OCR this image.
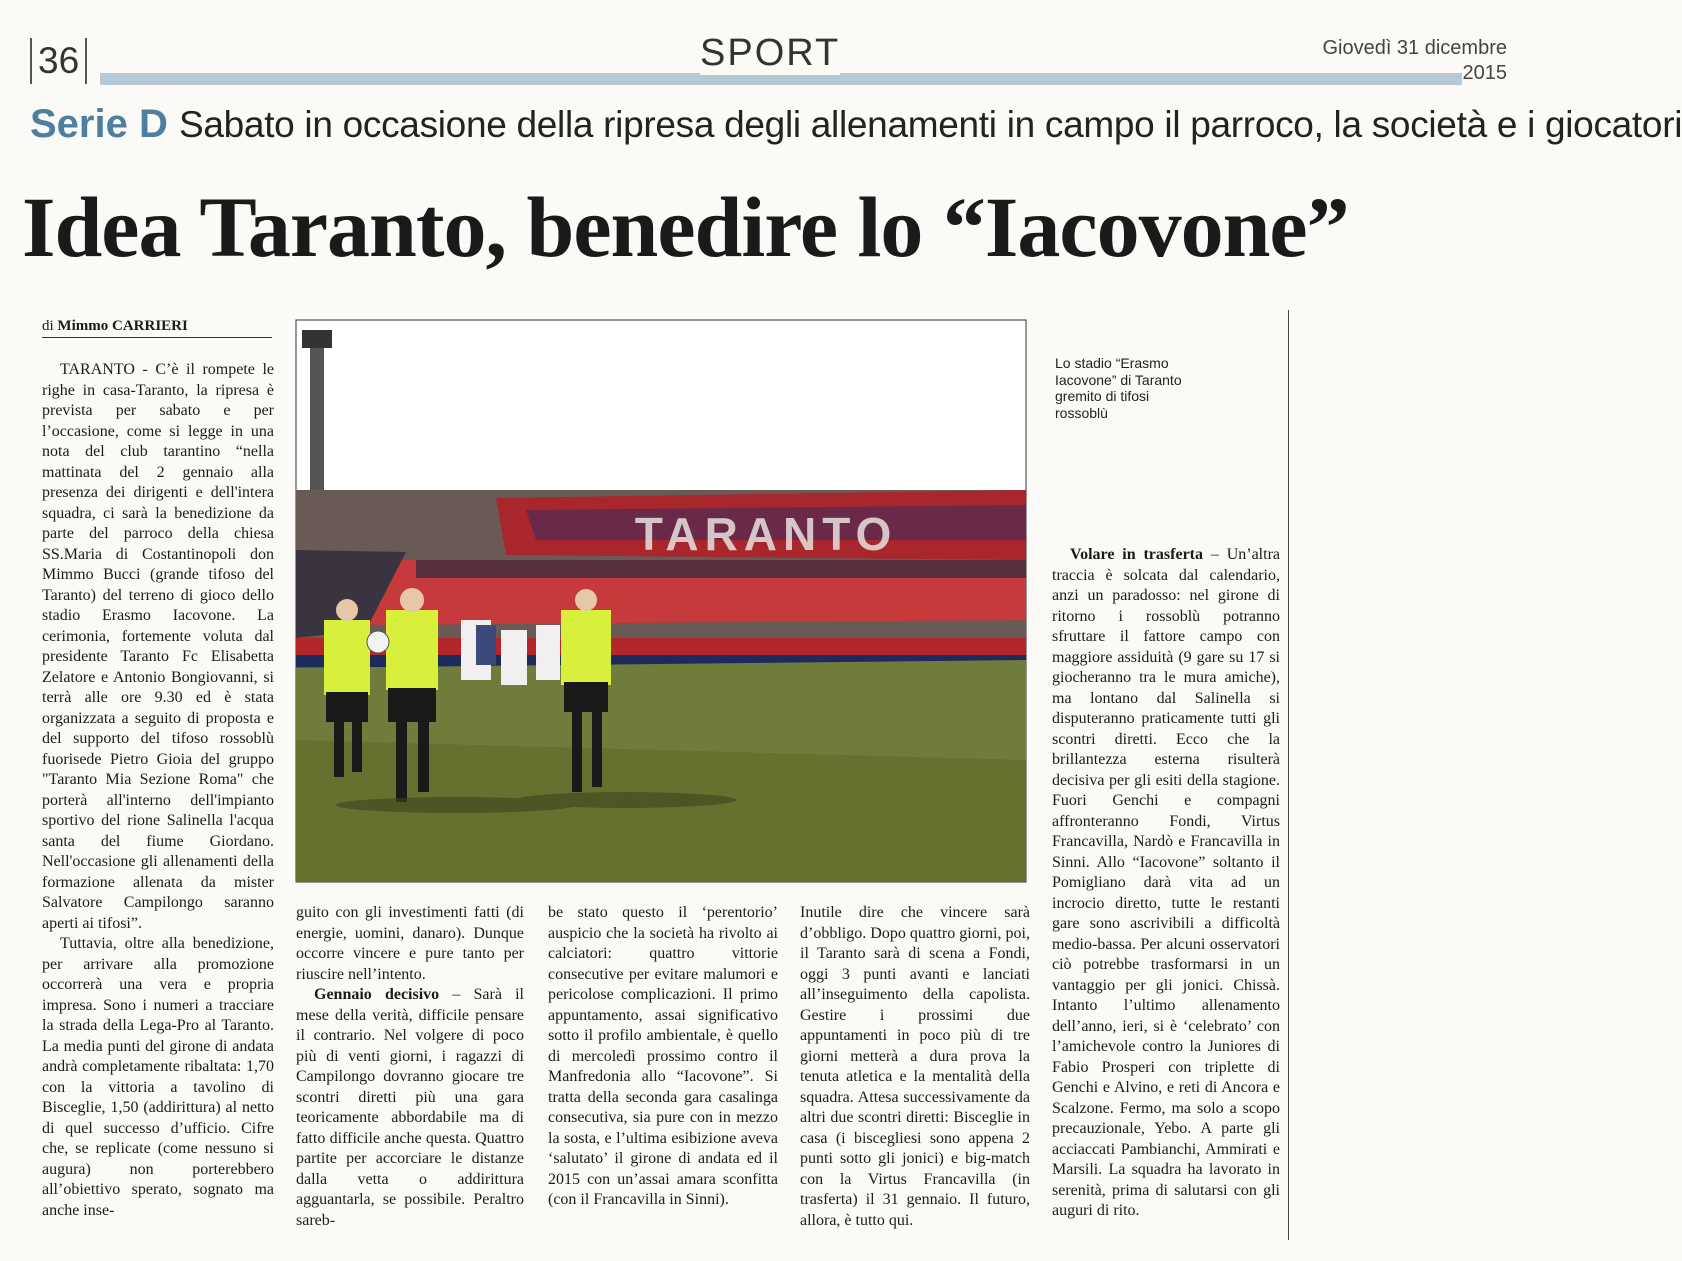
36	SPORT	Giovedì 31 dicembre
2015
Serie D Sabato in occasione della ripresa degli allenamenti in campo il parroco, la società e i giocatori
Idea Taranto, benedire lo “Iacovone”
di Mimmo CARRIERI

TARANTO - C’è il rompete le righe in casa-Taranto, la ripresa è prevista per sabato e per l’occasione, come si legge in una nota del club tarantino “nella mattinata del 2 gennaio alla presenza dei dirigenti e dell'intera squadra, ci sarà la benedizione da parte del parroco della chiesa SS.Maria di Costantinopoli don Mimmo Bucci (grande tifoso del Taranto) del terreno di gioco dello stadio Erasmo Iacovone. La cerimonia, fortemente voluta dal presidente Taranto Fc Elisabetta Zelatore e Antonio Bongiovanni, si terrà alle ore 9.30 ed è stata organizzata a seguito di proposta e del supporto del tifoso rossoblù fuorisede Pietro Gioia del gruppo "Taranto Mia Sezione Roma" che porterà all'interno dell'impianto sportivo del rione Salinella l'acqua santa del fiume Giordano. Nell'occasione gli allenamenti della formazione allenata da mister Salvatore Campilongo saranno aperti ai tifosi”.

Tuttavia, oltre alla benedizione, per arrivare alla promozione occorrerà una vera e propria impresa. Sono i numeri a tracciare la strada della Lega-Pro al Taranto. La media punti del girone di andata andrà completamente ribaltata: 1,70 con la vittoria a tavolino di Bisceglie, 1,50 (addirittura) al netto di quel successo d’ufficio. Cifre che, se replicate (come nessuno si augura) non porterebbero all’obiettivo sperato, sognato ma anche inse-

TARANTO
Lo stadio “Erasmo Iacovone” di Taranto gremito di tifosi rossoblù

guito con gli investimenti fatti (di energie, uomini, danaro). Dunque occorre vincere e pure tanto per riuscire nell’intento.

Gennaio decisivo – Sarà il mese della verità, difficile pensare il contrario. Nel volgere di poco più di venti giorni, i ragazzi di Campilongo dovranno giocare tre scontri diretti più una gara teoricamente abbordabile ma di fatto difficile anche questa. Quattro partite per accorciare le distanze dalla vetta o addirittura agguantarla, se possibile. Peraltro sareb-

be stato questo il ‘perentorio’ auspicio che la società ha rivolto ai calciatori: quattro vittorie consecutive per evitare malumori e pericolose complicazioni. Il primo appuntamento, assai significativo sotto il profilo ambientale, è quello di mercoledì prossimo contro il Manfredonia allo “Iacovone”. Si tratta della seconda gara casalinga consecutiva, sia pure con in mezzo la sosta, e l’ultima esibizione aveva ‘salutato’ il girone di andata ed il 2015 con un’assai amara sconfitta (con il Francavilla in Sinni).

Inutile dire che vincere sarà d’obbligo. Dopo quattro giorni, poi, il Taranto sarà di scena a Fondi, oggi 3 punti avanti e lanciati all’inseguimento della capolista. Gestire i prossimi due appuntamenti in poco più di tre giorni metterà a dura prova la tenuta atletica e la mentalità della squadra. Attesa successivamente da altri due scontri diretti: Bisceglie in casa (i biscegliesi sono appena 2 punti sotto gli jonici) e big-match con la Virtus Francavilla (in trasferta) il 31 gennaio. Il futuro, allora, è tutto qui.

Volare in trasferta – Un’altra traccia è solcata dal calendario, anzi un paradosso: nel girone di ritorno i rossoblù potranno sfruttare il fattore campo con maggiore assiduità (9 gare su 17 si giocheranno tra le mura amiche), ma lontano dal Salinella si disputeranno praticamente tutti gli scontri diretti. Ecco che la brillantezza esterna risulterà decisiva per gli esiti della stagione. Fuori Genchi e compagni affronteranno Fondi, Virtus Francavilla, Nardò e Francavilla in Sinni. Allo “Iacovone” soltanto il Pomigliano darà vita ad un incrocio diretto, tutte le restanti gare sono ascrivibili a difficoltà medio-bassa. Per alcuni osservatori ciò potrebbe trasformarsi in un vantaggio per gli jonici. Chissà. Intanto l’ultimo allenamento dell’anno, ieri, si è ‘celebrato’ con l’amichevole contro la Juniores di Fabio Prosperi con triplette di Genchi e Alvino, e reti di Ancora e Scalzone. Fermo, ma solo a scopo precauzionale, Yebo. A parte gli acciaccati Pambianchi, Ammirati e Marsili. La squadra ha lavorato in serenità, prima di salutarsi con gli auguri di rito.
